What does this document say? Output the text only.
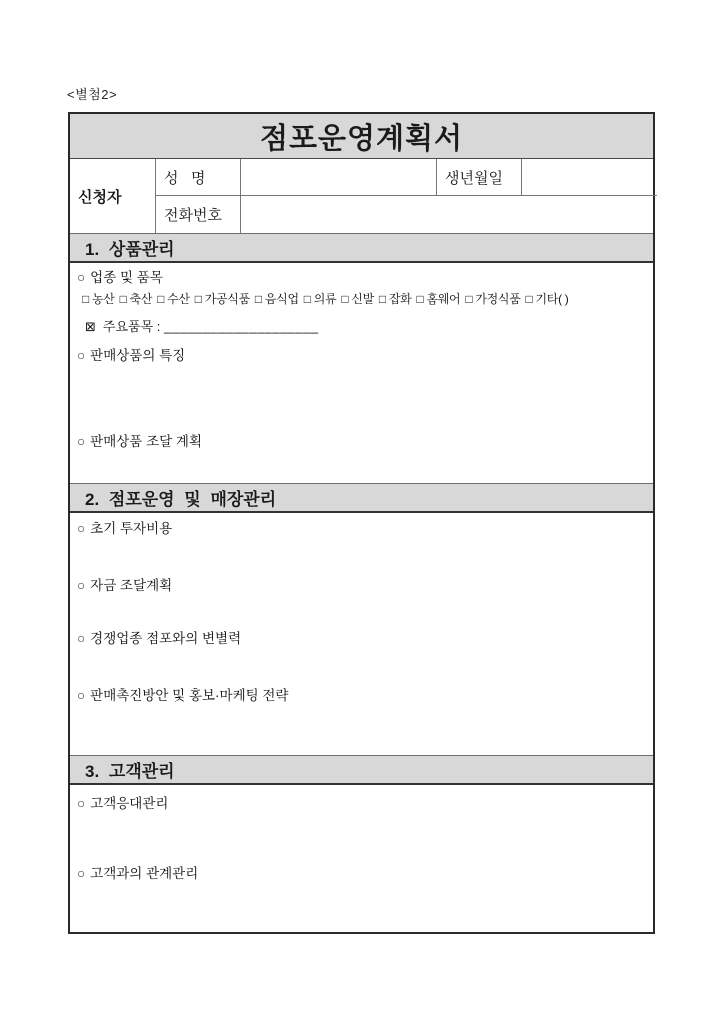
<별첨2>
점포운영계획서
신청자
성   명	생년월일
전화번호
1. 상품관리
○ 업종 및 품목
□ 농산 □ 축산 □ 수산 □ 가공식품 □ 음식업 □ 의류 □ 신발 □ 잡화 □ 홈웨어 □ 가정식품 □ 기타( )
⊠ 주요품목 : ____________________
○ 판매상품의 특징
○ 판매상품 조달 계획
2. 점포운영 및 매장관리
○ 초기 투자비용
○ 자금 조달계획
○ 경쟁업종 점포와의 변별력
○ 판매촉진방안 및 홍보·마케팅 전략
3. 고객관리
○ 고객응대관리
○ 고객과의 관계관리
